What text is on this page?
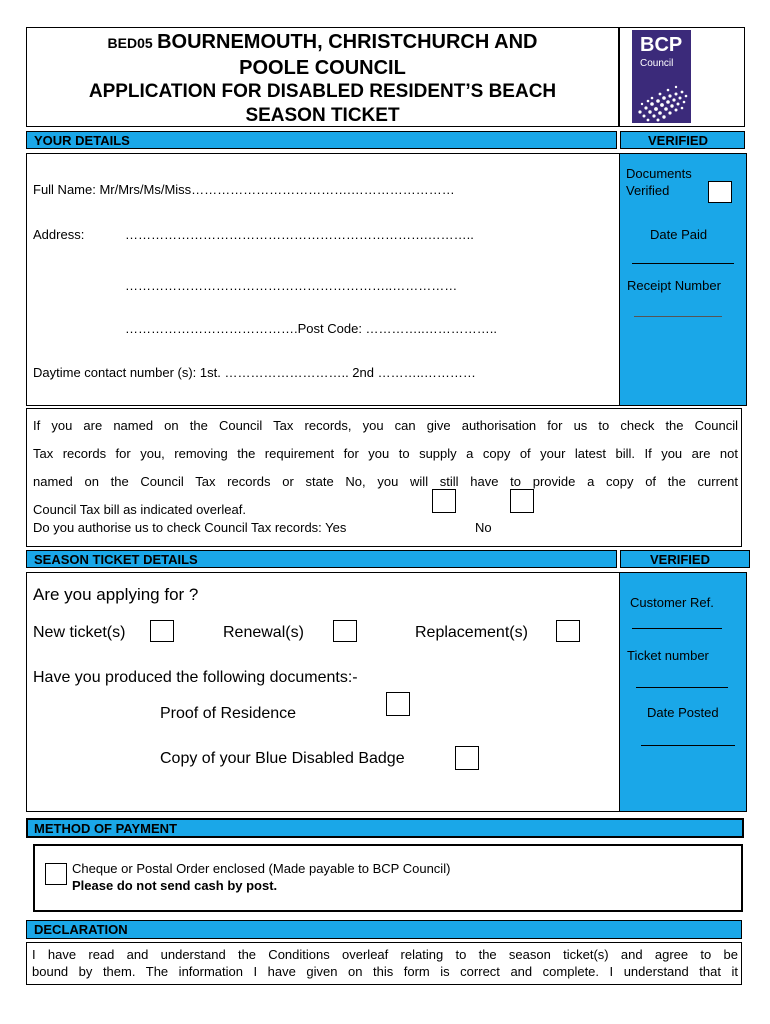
BED05 BOURNEMOUTH, CHRISTCHURCH AND
POOLE COUNCIL
APPLICATION FOR DISABLED RESIDENT’S BEACH
SEASON TICKET
BCP
Council
YOUR DETAILS	VERIFIED
Full Name: Mr/Mrs/Ms/Miss……………………………….……………………
Address:	…………………………………………………………….………..
……………………………………………………..……………
………………………………….Post Code: …………..……………..
Daytime contact number (s): 1st. ……………………….. 2nd ………..…………
Documents Verified
Date Paid
Receipt Number
If you are named on the Council Tax records, you can give authorisation for us to check the Council
Tax records for you, removing the requirement for you to supply a copy of your latest bill. If you are not
named on the Council Tax records or state No, you will still have to provide a copy of the current
Council Tax bill as indicated overleaf.
Do you authorise us to check Council Tax records: Yes	No
SEASON TICKET DETAILS	VERIFIED
Are you applying for ?
New ticket(s)	Renewal(s)	Replacement(s)
Have you produced the following documents:-
Proof of Residence
Copy of your Blue Disabled Badge
Customer Ref.
Ticket number
Date Posted
METHOD OF PAYMENT
Cheque or Postal Order enclosed (Made payable to BCP Council)
Please do not send cash by post.
DECLARATION
I have read and understand the Conditions overleaf relating to the season ticket(s) and agree to be
bound by them. The information I have given on this form is correct and complete. I understand that it
